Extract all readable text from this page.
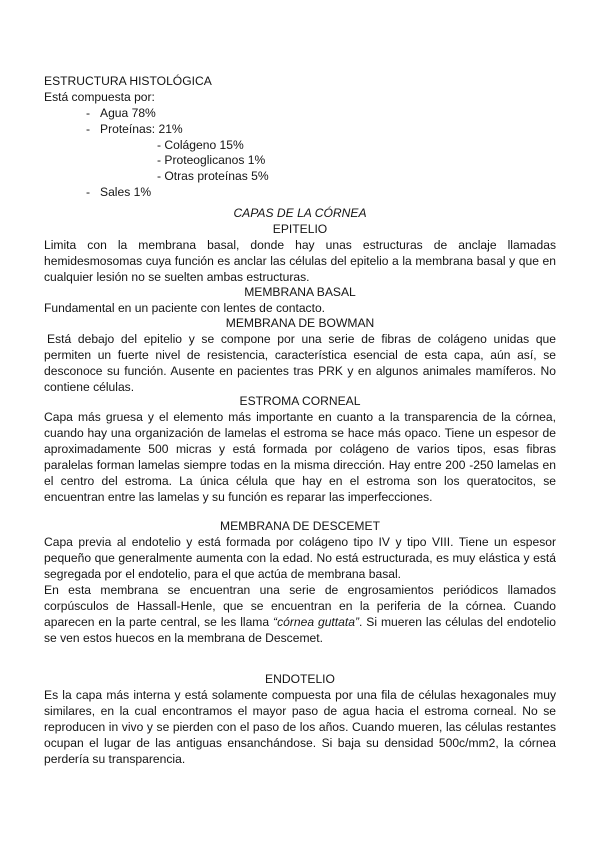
ESTRUCTURA HISTOLÓGICA
Está compuesta por:
- Agua 78%
- Proteínas: 21%
- Colágeno 15%
- Proteoglicanos 1%
- Otras proteínas 5%
- Sales 1%
CAPAS DE LA CÓRNEA
EPITELIO

Limita con la membrana basal, donde hay unas estructuras de anclaje llamadas hemidesmosomas cuya función es anclar las células del epitelio a la membrana basal y que en cualquier lesión no se suelten ambas estructuras.

MEMBRANA BASAL

Fundamental en un paciente con lentes de contacto.

MEMBRANA DE BOWMAN

Está debajo del epitelio y se compone por una serie de fibras de colágeno unidas que permiten un fuerte nivel de resistencia, característica esencial de esta capa, aún así, se desconoce su función. Ausente en pacientes tras PRK y en algunos animales mamíferos. No contiene células.

ESTROMA CORNEAL

Capa más gruesa y el elemento más importante en cuanto a la transparencia de la córnea, cuando hay una organización de lamelas el estroma se hace más opaco. Tiene un espesor de aproximadamente 500 micras y está formada por colágeno de varios tipos, esas fibras paralelas forman lamelas siempre todas en la misma dirección. Hay entre 200 -250 lamelas en el centro del estroma. La única célula que hay en el estroma son los queratocitos, se encuentran entre las lamelas y su función es reparar las imperfecciones.

MEMBRANA DE DESCEMET

Capa previa al endotelio y está formada por colágeno tipo IV y tipo VIII. Tiene un espesor pequeño que generalmente aumenta con la edad. No está estructurada, es muy elástica y está segregada por el endotelio, para el que actúa de membrana basal.

En esta membrana se encuentran una serie de engrosamientos periódicos llamados corpúsculos de Hassall-Henle, que se encuentran en la periferia de la córnea. Cuando aparecen en la parte central, se les llama “córnea guttata”. Si mueren las células del endotelio se ven estos huecos en la membrana de Descemet.

ENDOTELIO

Es la capa más interna y está solamente compuesta por una fila de células hexagonales muy similares, en la cual encontramos el mayor paso de agua hacia el estroma corneal. No se reproducen in vivo y se pierden con el paso de los años. Cuando mueren, las células restantes ocupan el lugar de las antiguas ensanchándose. Si baja su densidad 500c/mm2, la córnea perdería su transparencia.
